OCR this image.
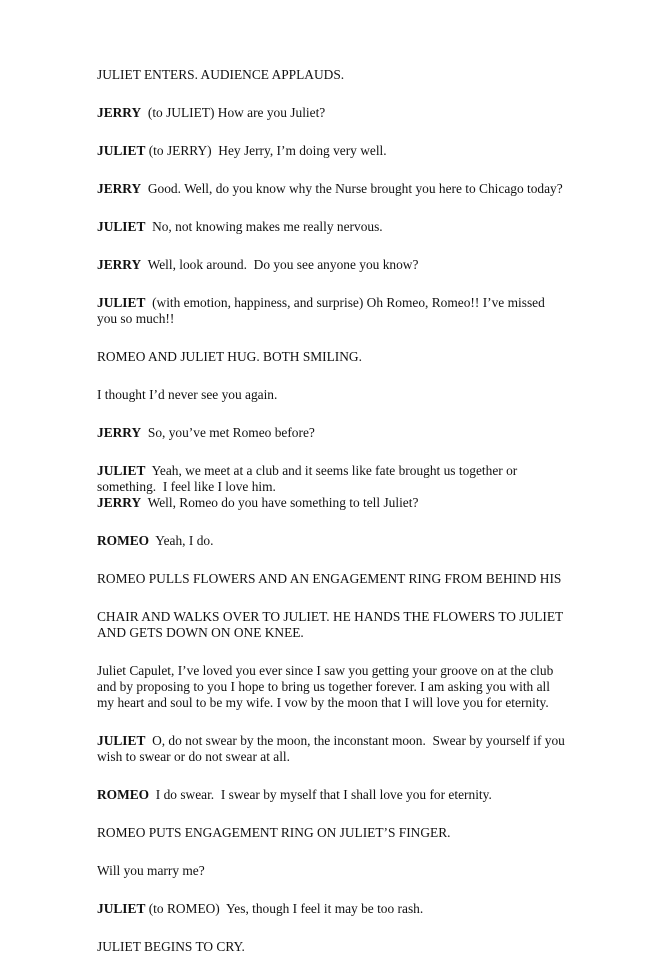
JULIET ENTERS. AUDIENCE APPLAUDS.

JERRY  (to JULIET) How are you Juliet?

JULIET (to JERRY)  Hey Jerry, I’m doing very well.

JERRY  Good. Well, do you know why the Nurse brought you here to Chicago today?

JULIET  No, not knowing makes me really nervous.

JERRY  Well, look around.  Do you see anyone you know?

JULIET  (with emotion, happiness, and surprise) Oh Romeo, Romeo!! I’ve missed you so much!!

ROMEO AND JULIET HUG. BOTH SMILING.

I thought I’d never see you again.

JERRY  So, you’ve met Romeo before?

JULIET  Yeah, we meet at a club and it seems like fate brought us together or something.  I feel like I love him.

JERRY  Well, Romeo do you have something to tell Juliet?

ROMEO  Yeah, I do.

ROMEO PULLS FLOWERS AND AN ENGAGEMENT RING FROM BEHIND HIS

CHAIR AND WALKS OVER TO JULIET. HE HANDS THE FLOWERS TO JULIET AND GETS DOWN ON ONE KNEE.

Juliet Capulet, I’ve loved you ever since I saw you getting your groove on at the club and by proposing to you I hope to bring us together forever. I am asking you with all my heart and soul to be my wife. I vow by the moon that I will love you for eternity.

JULIET  O, do not swear by the moon, the inconstant moon.  Swear by yourself if you wish to swear or do not swear at all.

ROMEO  I do swear.  I swear by myself that I shall love you for eternity.

ROMEO PUTS ENGAGEMENT RING ON JULIET’S FINGER.

Will you marry me?

JULIET (to ROMEO)  Yes, though I feel it may be too rash.

JULIET BEGINS TO CRY.
